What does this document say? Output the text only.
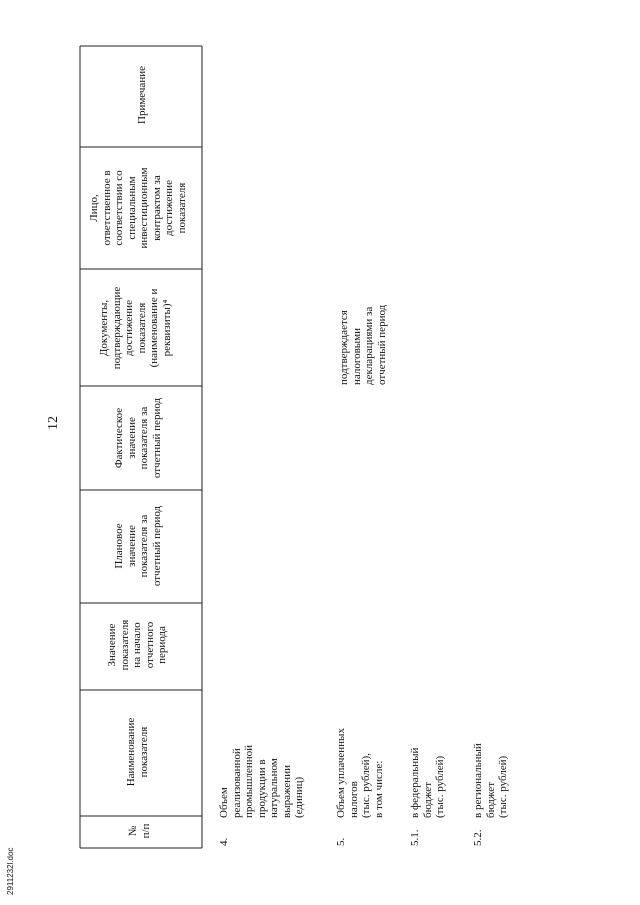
№
п/п
Наименование
показателя
Значение
показателя
на начало
отчетного
периода
Плановое
значение
показателя за
отчетный период
Фактическое
значение
показателя за
отчетный период
Документы,
подтверждающие
достижение
показателя
(наименование и
реквизиты)⁴
Лицо,
ответственное в
соответствии со
специальным
инвестиционным
контрактом за
достижение
показателя
Примечание
4.
Объем
реализованной
промышленной
продукции в
натуральном
выражении
(единиц)
5.
Объем уплаченных
налогов
(тыс. рублей),
в том числе:
подтверждается
налоговыми
декларациями за
отчетный период
5.1.
в федеральный
бюджет
(тыс. рублей)
5.2.
в региональный
бюджет
(тыс. рублей)
12
2911232l.doc
